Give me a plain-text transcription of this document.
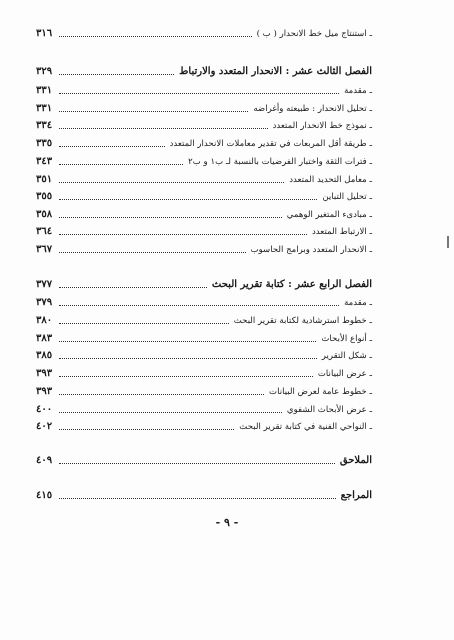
ـ استنتاج ميل خط الانحدار ( ب )
٣١٦
الفصل الثالث عشر : الانحدار المتعدد والارتباط
٣٢٩
ـ مقدمة
٣٣١
ـ تحليل الانحدار : طبيعته وأغراضه
٣٣١
ـ نموذج خط الانحدار المتعدد
٣٣٤
ـ طريقة أقل المربعات في تقدير معاملات الانحدار المتعدد
٣٣٥
ـ فترات الثقة واختبار الفرضيات بالنسبة لـ ب١ و ب٢
٣٤٣
ـ معامل التحديد المتعدد
٣٥١
ـ تحليل التباين
٣٥٥
ـ مبادىء المتغير الوهمي
٣٥٨
ـ الارتباط المتعدد
٣٦٤
ـ الانحدار المتعدد وبرامج الحاسوب
٣٦٧
الفصل الرابع عشر : كتابة تقرير البحث
٣٧٧
ـ مقدمة
٣٧٩
ـ خطوط استرشادية لكتابة تقرير البحث
٣٨٠
ـ أنواع الأبحاث
٣٨٣
ـ شكل التقرير
٣٨٥
ـ عرض البيانات
٣٩٣
ـ خطوط عامة لعرض البيانات
٣٩٣
ـ عرض الأبحاث الشفوي
٤٠٠
ـ النواحي الفنية في كتابة تقرير البحث
٤٠٢
الملاحق
٤٠٩
المراجع
٤١٥
- ٩ -
